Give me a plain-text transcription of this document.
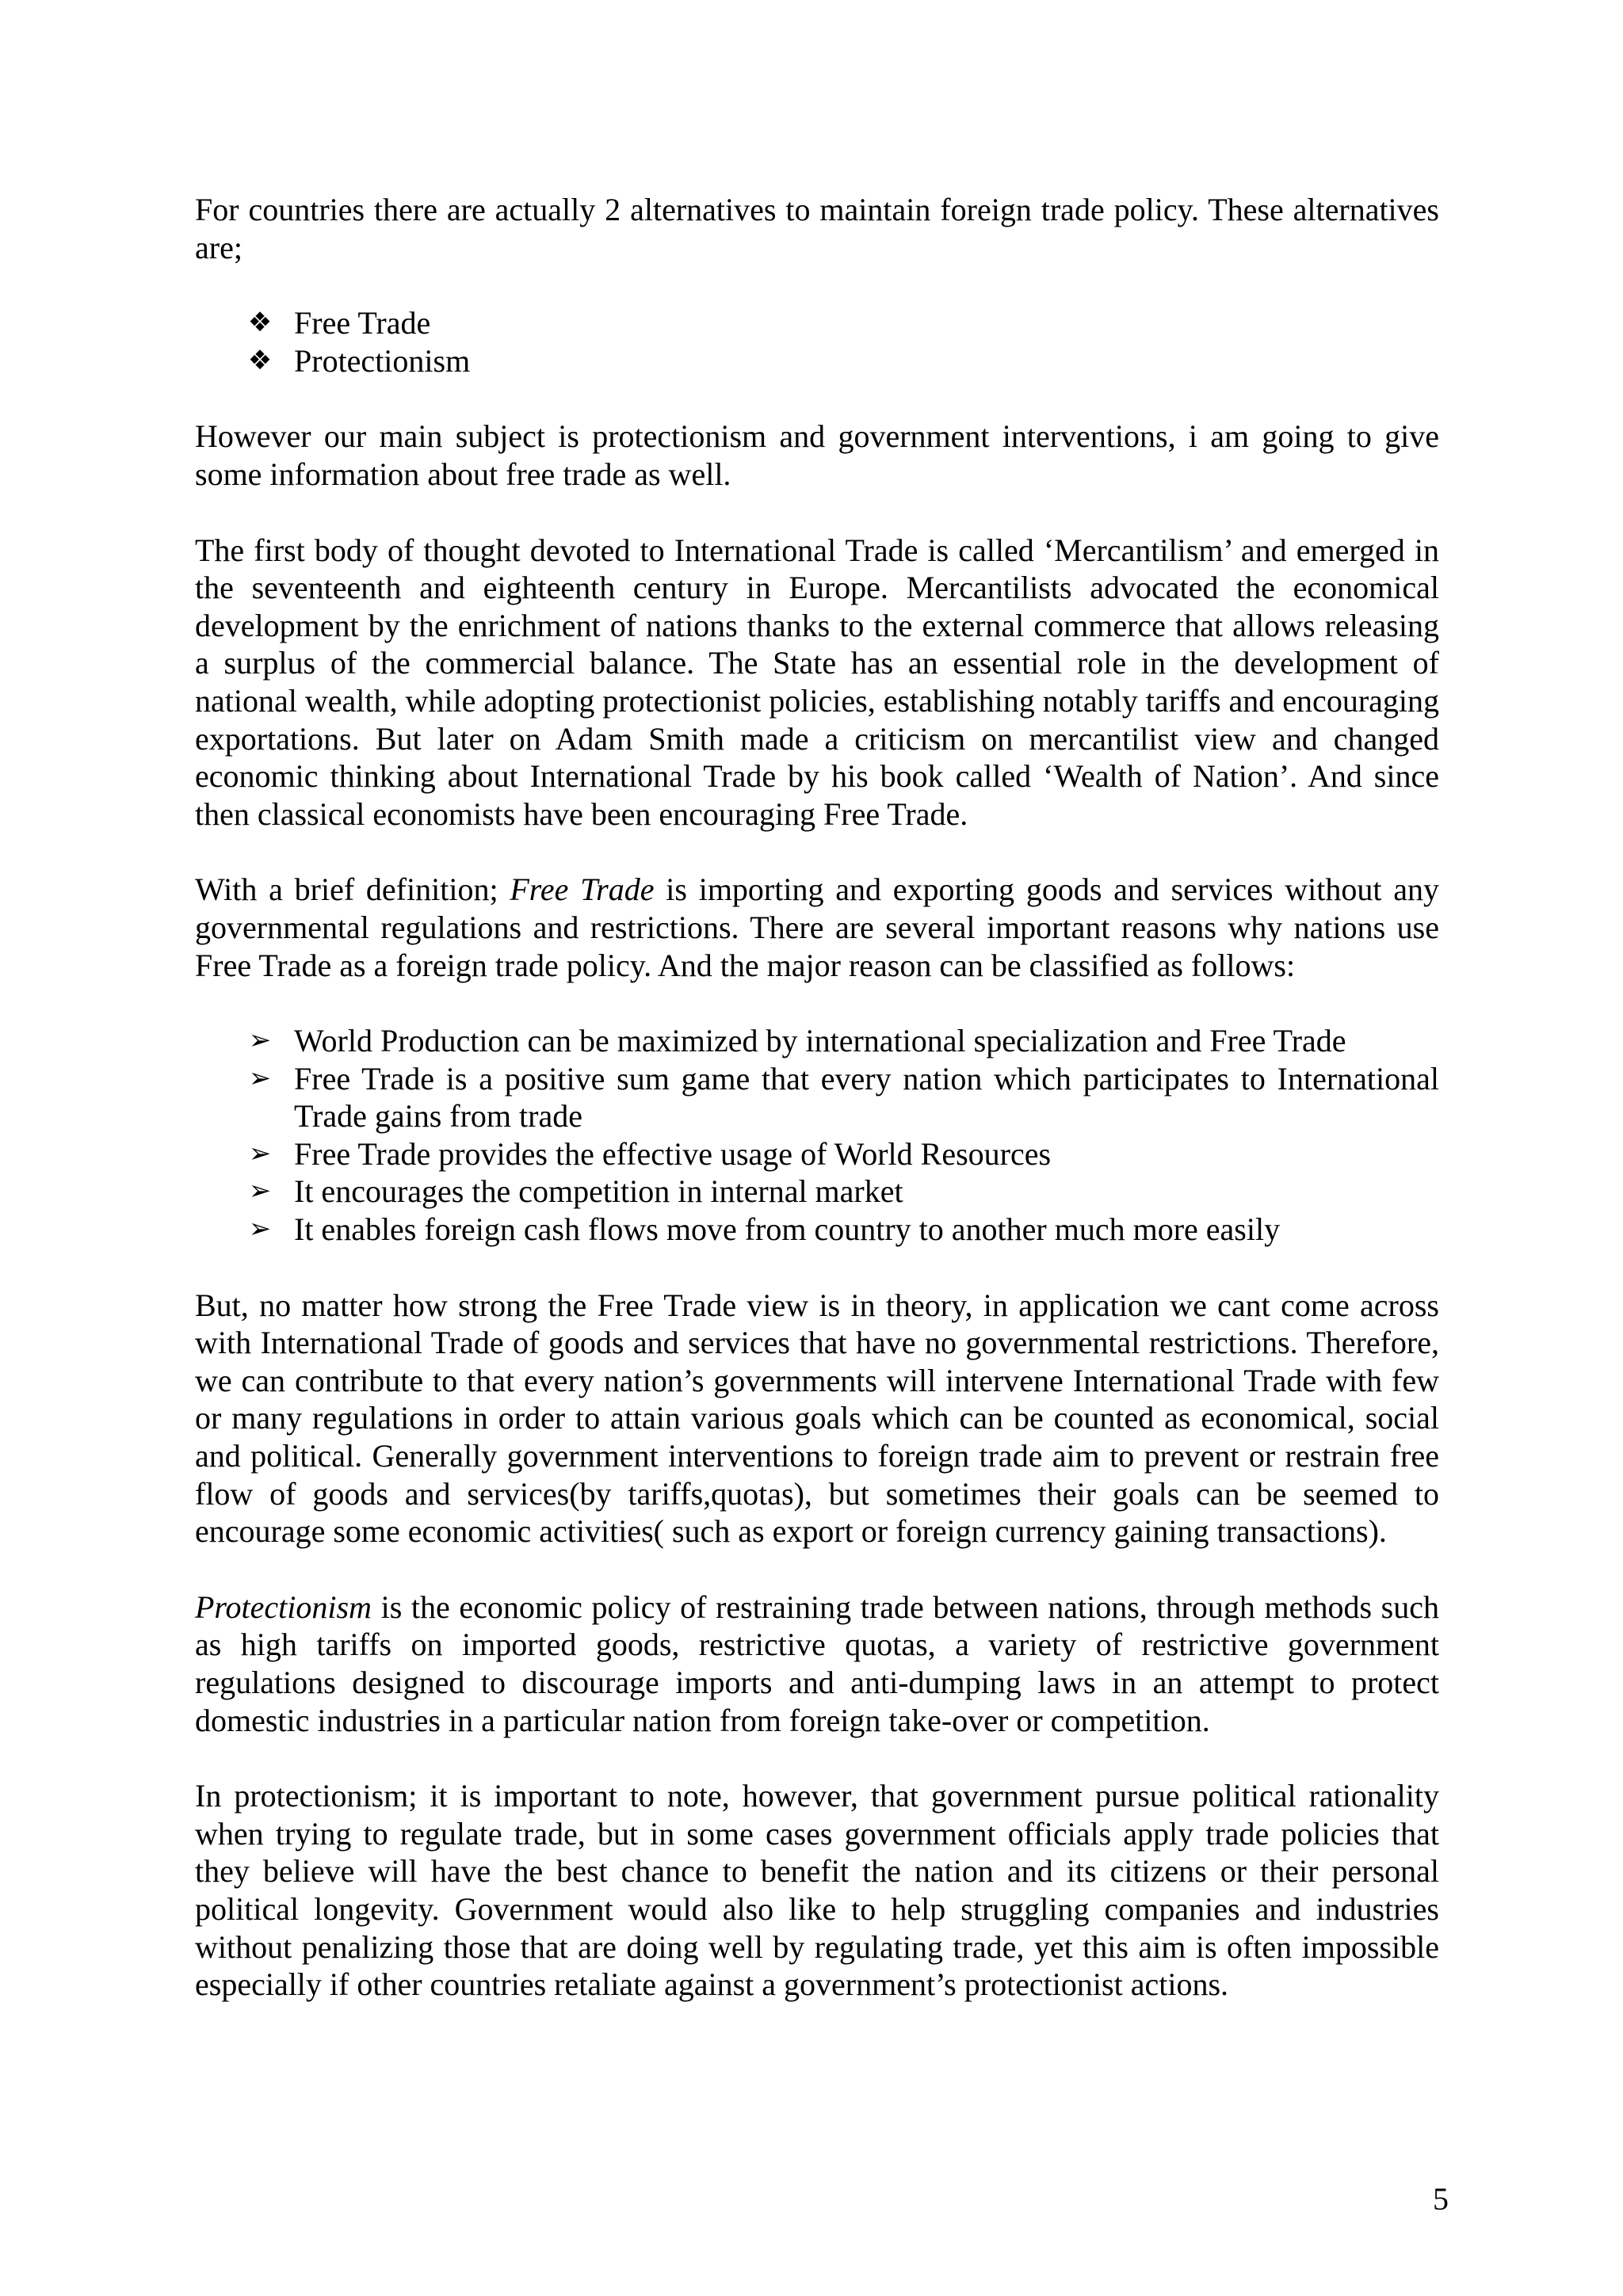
For countries there are actually 2 alternatives to maintain foreign trade policy. These alternatives are;

❖ Free Trade
❖ Protectionism

However our main subject is protectionism and government interventions, i am going to give some information about free trade as well.

The first body of thought devoted to International Trade is called ‘Mercantilism’ and emerged in the seventeenth and eighteenth century in Europe. Mercantilists advocated the economical development by the enrichment of nations thanks to the external commerce that allows releasing a surplus of the commercial balance. The State has an essential role in the development of national wealth, while adopting protectionist policies, establishing notably tariffs and encouraging exportations. But later on Adam Smith made a criticism on mercantilist view and changed economic thinking about International Trade by his book called ‘Wealth of Nation’. And since then classical economists have been encouraging Free Trade.

With a brief definition; Free Trade is importing and exporting goods and services without any governmental regulations and restrictions. There are several important reasons why nations use Free Trade as a foreign trade policy. And the major reason can be classified as follows:

➢ World Production can be maximized by international specialization and Free Trade
➢ Free Trade is a positive sum game that every nation which participates to International Trade gains from trade
➢ Free Trade provides the effective usage of World Resources
➢ It encourages the competition in internal market
➢ It enables foreign cash flows move from country to another much more easily

But, no matter how strong the Free Trade view is in theory, in application we cant come across with International Trade of goods and services that have no governmental restrictions. Therefore, we can contribute to that every nation’s governments will intervene International Trade with few or many regulations in order to attain various goals which can be counted as economical, social and political. Generally government interventions to foreign trade aim to prevent or restrain free flow of goods and services(by tariffs,quotas), but sometimes their goals can be seemed to encourage some economic activities( such as export or foreign currency gaining transactions).

Protectionism is the economic policy of restraining trade between nations, through methods such as high tariffs on imported goods, restrictive quotas, a variety of restrictive government regulations designed to discourage imports and anti-dumping laws in an attempt to protect domestic industries in a particular nation from foreign take-over or competition.

In protectionism; it is important to note, however, that government pursue political rationality when trying to regulate trade, but in some cases government officials apply trade policies that they believe will have the best chance to benefit the nation and its citizens or their personal political longevity. Government would also like to help struggling companies and industries without penalizing those that are doing well by regulating trade, yet this aim is often impossible especially if other countries retaliate against a government’s protectionist actions.

5
